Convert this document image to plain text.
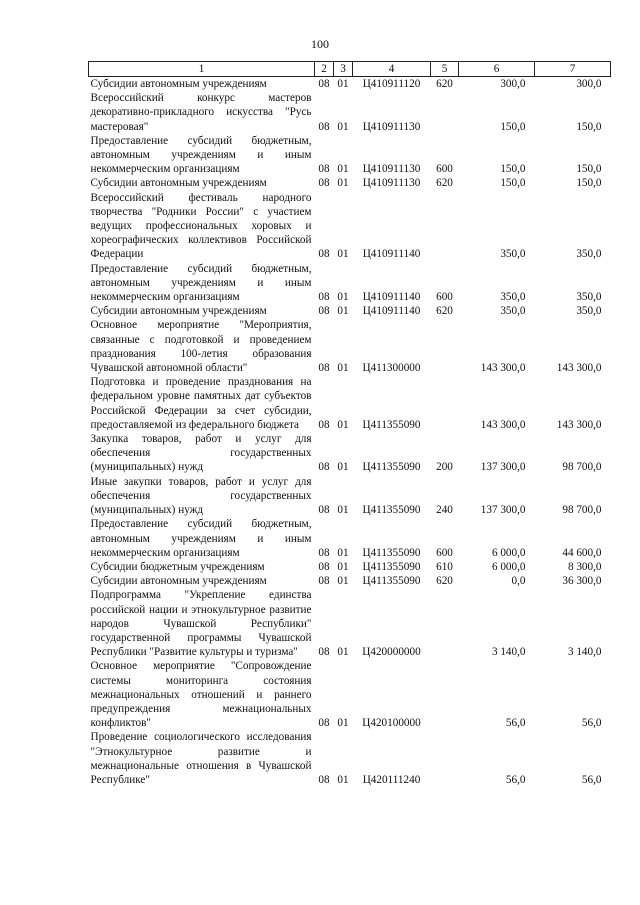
100
1	2	3	4	5	6	7
Субсидии автономным учреждениям	08	01	Ц410911120	620	300,0	300,0
Всероссийский конкурс мастеров декоративно-прикладного искусства "Русь мастеровая"	08	01	Ц410911130		150,0	150,0
Предоставление субсидий бюджетным, автономным учреждениям и иным некоммерческим организациям	08	01	Ц410911130	600	150,0	150,0
Субсидии автономным учреждениям	08	01	Ц410911130	620	150,0	150,0
Всероссийский фестиваль народного творчества "Родники России" с участием ведущих профессиональных хоровых и хореографических коллективов Российской Федерации	08	01	Ц410911140		350,0	350,0
Предоставление субсидий бюджетным, автономным учреждениям и иным некоммерческим организациям	08	01	Ц410911140	600	350,0	350,0
Субсидии автономным учреждениям	08	01	Ц410911140	620	350,0	350,0
Основное мероприятие "Мероприятия, связанные с подготовкой и проведением празднования 100-летия образования Чувашской автономной области"	08	01	Ц411300000		143 300,0	143 300,0
Подготовка и проведение празднования на федеральном уровне памятных дат субъектов Российской Федерации за счет субсидии, предоставляемой из федерального бюджета	08	01	Ц411355090		143 300,0	143 300,0
Закупка товаров, работ и услуг для обеспечения государственных (муниципальных) нужд	08	01	Ц411355090	200	137 300,0	98 700,0
Иные закупки товаров, работ и услуг для обеспечения государственных (муниципальных) нужд	08	01	Ц411355090	240	137 300,0	98 700,0
Предоставление субсидий бюджетным, автономным учреждениям и иным некоммерческим организациям	08	01	Ц411355090	600	6 000,0	44 600,0
Субсидии бюджетным учреждениям	08	01	Ц411355090	610	6 000,0	8 300,0
Субсидии автономным учреждениям	08	01	Ц411355090	620	0,0	36 300,0
Подпрограмма "Укрепление единства российской нации и этнокультурное развитие народов Чувашской Республики" государственной программы Чувашской Республики "Развитие культуры и туризма"	08	01	Ц420000000		3 140,0	3 140,0
Основное мероприятие "Сопровождение системы мониторинга состояния межнациональных отношений и раннего предупреждения межнациональных конфликтов"	08	01	Ц420100000		56,0	56,0
Проведение социологического исследования "Этнокультурное развитие и межнациональные отношения в Чувашской Республике"	08	01	Ц420111240		56,0	56,0
